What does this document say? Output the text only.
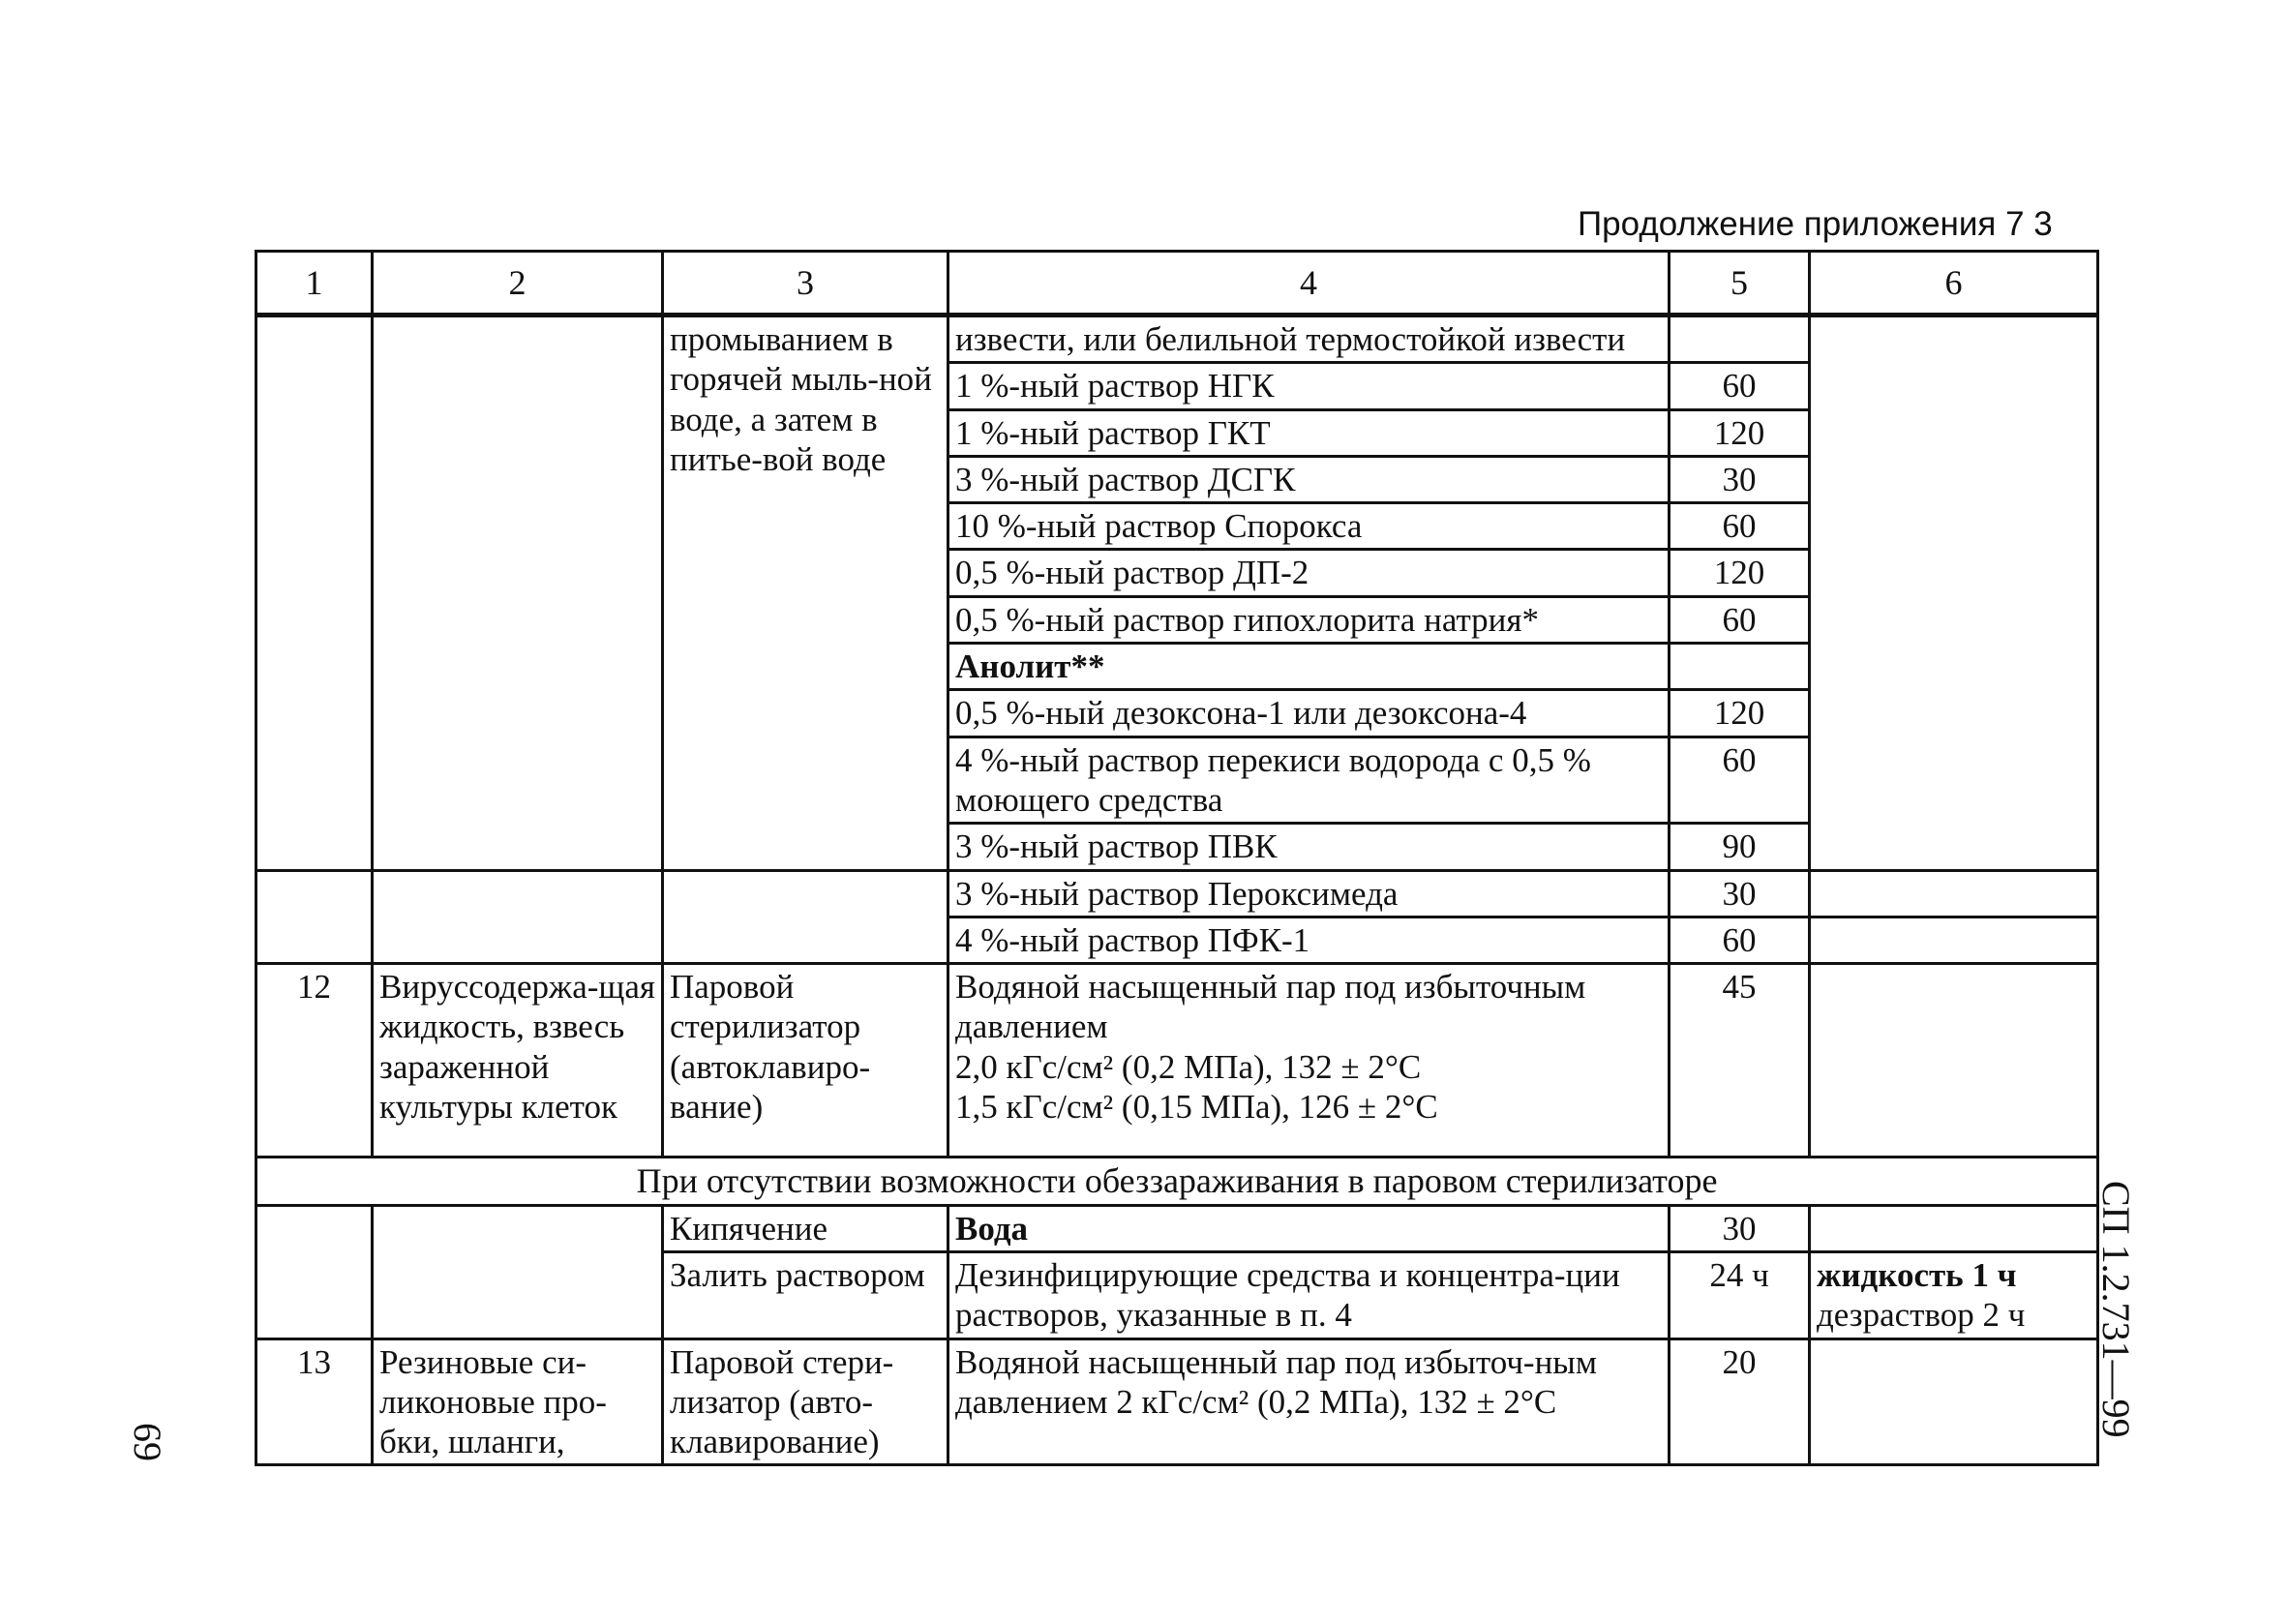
Продолжение приложения 7 3
1	2	3	4	5	6
		промыванием в горячей мыль-ной воде, а затем в питье-вой воде	извести, или белильной термостойкой извести		
			1 %-ный раствор НГК	60	
			1 %-ный раствор ГКТ	120	
			3 %-ный раствор ДСГК	30	
			10 %-ный раствор Спорокса	60	
			0,5 %-ный раствор ДП-2	120	
			0,5 %-ный раствор гипохлорита натрия*	60	
			Анолит**		
			0,5 %-ный дезоксона-1 или дезоксона-4	120	
			4 %-ный раствор перекиси водорода с 0,5 % моющего средства	60	
			3 %-ный раствор ПВК	90	
			3 %-ный раствор Пероксимеда	30	
			4 %-ный раствор ПФК-1	60	
12	Вируссодержа-щая жидкость, взвесь зараженной культуры клеток	Паровой стерилизатор (автоклавиро-вание)	Водяной насыщенный пар под избыточным давлением
2,0 кГс/см² (0,2 МПа), 132 ± 2°С
1,5 кГс/см² (0,15 МПа), 126 ± 2°С	45	
При отсутствии возможности обеззараживания в паровом стерилизаторе					
		Кипячение	Вода	30	
		Залить раствором	Дезинфицирующие средства и концентра-ции растворов, указанные в п. 4	24 ч	жидкость 1 ч
дезраствор 2 ч

13	Резиновые си-ликоновые про-бки, шланги,	Паровой стери-лизатор (авто-клавирование)	Водяной насыщенный пар под избыточ-ным давлением 2 кГс/см² (0,2 МПа), 132 ± 2°С	20		СП 1.2.731—99
69
